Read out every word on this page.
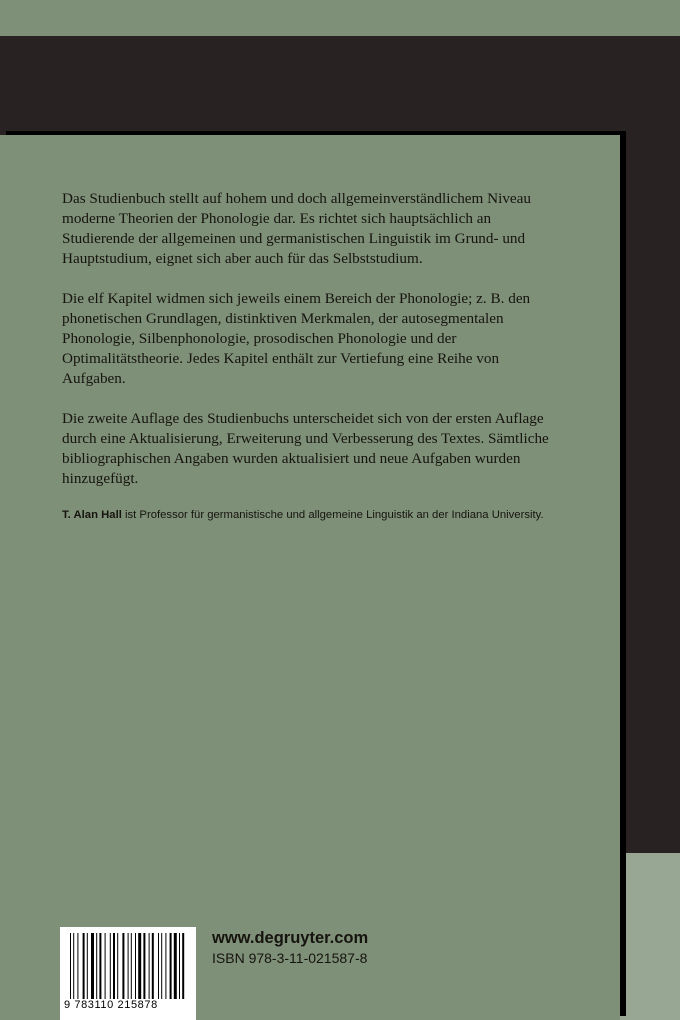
Das Studienbuch stellt auf hohem und doch allgemeinverständlichem Niveau moderne Theorien der Phonologie dar. Es richtet sich hauptsächlich an Studierende der allgemeinen und germanistischen Linguistik im Grund- und Hauptstudium, eignet sich aber auch für das Selbststudium.

Die elf Kapitel widmen sich jeweils einem Bereich der Phonologie; z. B. den phonetischen Grundlagen, distinktiven Merkmalen, der autosegmentalen Phonologie, Silbenphonologie, prosodischen Phonologie und der Optimalitätstheorie. Jedes Kapitel enthält zur Vertiefung eine Reihe von Aufgaben.

Die zweite Auflage des Studienbuchs unterscheidet sich von der ersten Auflage durch eine Aktualisierung, Erweiterung und Verbesserung des Textes. Sämtliche bibliographischen Angaben wurden aktualisiert und neue Aufgaben wurden hinzugefügt.

T. Alan Hall ist Professor für germanistische und allgemeine Linguistik an der Indiana University.
9 783110 215878
www.degruyter.com
ISBN 978-3-11-021587-8
